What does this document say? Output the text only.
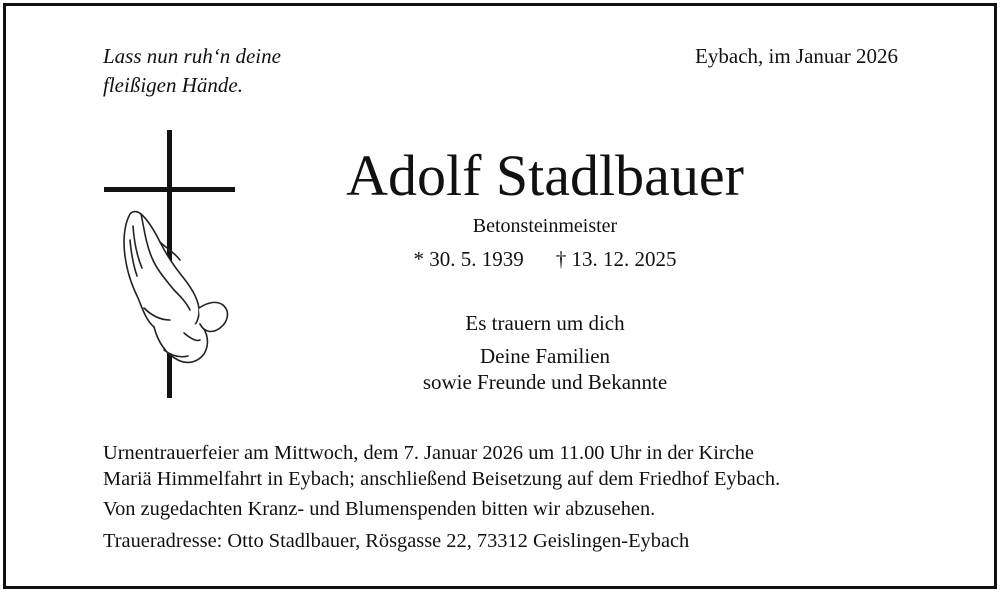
Lass nun ruh‘n deine
fleißigen Hände.
Eybach, im Januar 2026
Adolf Stadlbauer
Betonsteinmeister
* 30. 5. 1939 † 13. 12. 2025
Es trauern um dich
Deine Familien
sowie Freunde und Bekannte
Urnentrauerfeier am Mittwoch, dem 7. Januar 2026 um 11.00 Uhr in der Kirche
Mariä Himmelfahrt in Eybach; anschließend Beisetzung auf dem Friedhof Eybach.
Von zugedachten Kranz- und Blumenspenden bitten wir abzusehen.
Traueradresse: Otto Stadlbauer, Rösgasse 22, 73312 Geislingen-Eybach
